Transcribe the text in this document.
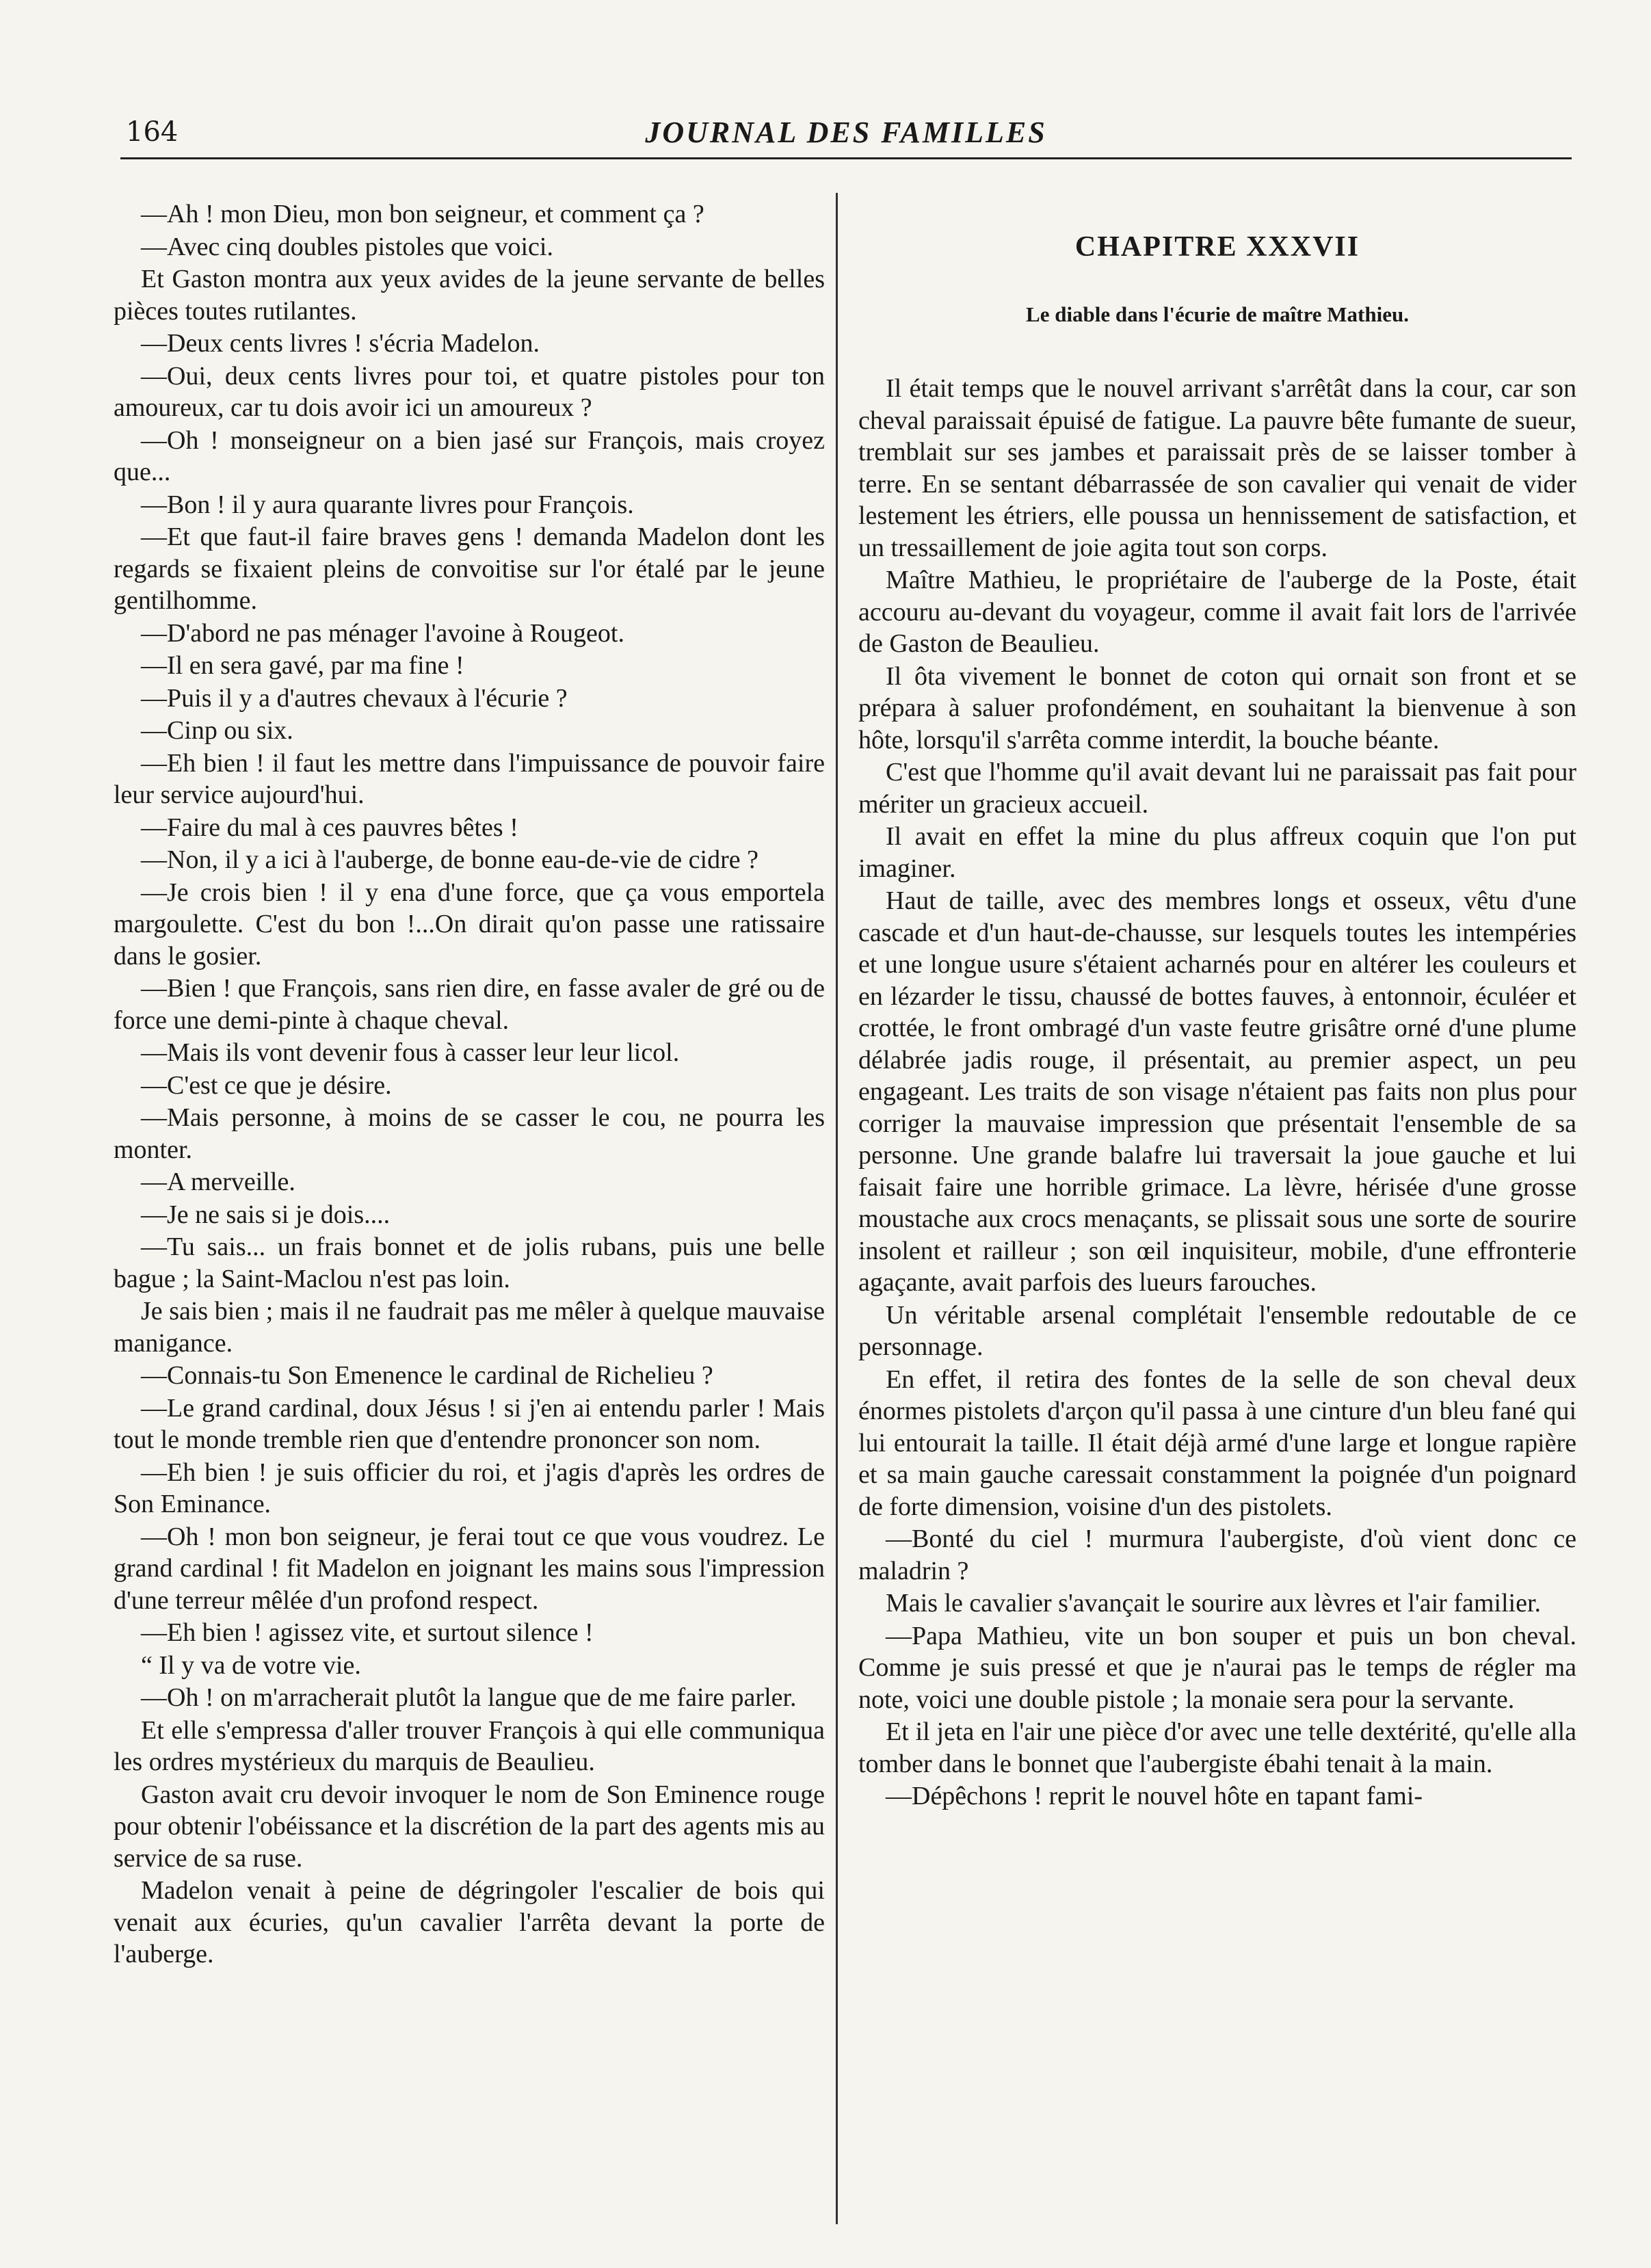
164	JOURNAL DES FAMILLES

—Ah ! mon Dieu, mon bon seigneur, et comment ça ?

—Avec cinq doubles pistoles que voici.

Et Gaston montra aux yeux avides de la jeune servante de belles pièces toutes rutilantes.

—Deux cents livres ! s'écria Madelon.

—Oui, deux cents livres pour toi, et quatre pistoles pour ton amoureux, car tu dois avoir ici un amoureux ?

—Oh ! monseigneur on a bien jasé sur François, mais croyez que...

—Bon ! il y aura quarante livres pour François.

—Et que faut-il faire braves gens ! demanda Madelon dont les regards se fixaient pleins de convoitise sur l'or étalé par le jeune gentilhomme.

—D'abord ne pas ménager l'avoine à Rougeot.

—Il en sera gavé, par ma fine !

—Puis il y a d'autres chevaux à l'écurie ?

—Cinp ou six.

—Eh bien ! il faut les mettre dans l'impuissance de pouvoir faire leur service aujourd'hui.

—Faire du mal à ces pauvres bêtes !

—Non, il y a ici à l'auberge, de bonne eau-de-vie de cidre ?

—Je crois bien ! il y ena d'une force, que ça vous emportela margoulette. C'est du bon !...On dirait qu'on passe une ratissaire dans le gosier.

—Bien ! que François, sans rien dire, en fasse avaler de gré ou de force une demi-pinte à chaque cheval.

—Mais ils vont devenir fous à casser leur leur licol.

—C'est ce que je désire.

—Mais personne, à moins de se casser le cou, ne pourra les monter.

—A merveille.

—Je ne sais si je dois....

—Tu sais... un frais bonnet et de jolis rubans, puis une belle bague ; la Saint-Maclou n'est pas loin.

Je sais bien ; mais il ne faudrait pas me mêler à quelque mauvaise manigance.

—Connais-tu Son Emenence le cardinal de Richelieu ?

—Le grand cardinal, doux Jésus ! si j'en ai entendu parler ! Mais tout le monde tremble rien que d'entendre prononcer son nom.

—Eh bien ! je suis officier du roi, et j'agis d'après les ordres de Son Eminance.

—Oh ! mon bon seigneur, je ferai tout ce que vous voudrez. Le grand cardinal ! fit Madelon en joignant les mains sous l'impression d'une terreur mêlée d'un profond respect.

—Eh bien ! agissez vite, et surtout silence !

“ Il y va de votre vie.

—Oh ! on m'arracherait plutôt la langue que de me faire parler.

Et elle s'empressa d'aller trouver François à qui elle communiqua les ordres mystérieux du marquis de Beaulieu.

Gaston avait cru devoir invoquer le nom de Son Eminence rouge pour obtenir l'obéissance et la discrétion de la part des agents mis au service de sa ruse.

Madelon venait à peine de dégringoler l'escalier de bois qui venait aux écuries, qu'un cavalier l'arrêta devant la porte de l'auberge.

CHAPITRE XXXVII
Le diable dans l'écurie de maître Mathieu.

Il était temps que le nouvel arrivant s'arrêtât dans la cour, car son cheval paraissait épuisé de fatigue. La pauvre bête fumante de sueur, tremblait sur ses jambes et paraissait près de se laisser tomber à terre. En se sentant débarrassée de son cavalier qui venait de vider lestement les étriers, elle poussa un hennissement de satisfaction, et un tressaillement de joie agita tout son corps.

Maître Mathieu, le propriétaire de l'auberge de la Poste, était accouru au-devant du voyageur, comme il avait fait lors de l'arrivée de Gaston de Beaulieu.

Il ôta vivement le bonnet de coton qui ornait son front et se prépara à saluer profondément, en souhaitant la bienvenue à son hôte, lorsqu'il s'arrêta comme interdit, la bouche béante.

C'est que l'homme qu'il avait devant lui ne paraissait pas fait pour mériter un gracieux accueil.

Il avait en effet la mine du plus affreux coquin que l'on put imaginer.

Haut de taille, avec des membres longs et osseux, vêtu d'une cascade et d'un haut-de-chausse, sur lesquels toutes les intempéries et une longue usure s'étaient acharnés pour en altérer les couleurs et en lézarder le tissu, chaussé de bottes fauves, à entonnoir, éculéer et crottée, le front ombragé d'un vaste feutre grisâtre orné d'une plume délabrée jadis rouge, il présentait, au premier aspect, un peu engageant. Les traits de son visage n'étaient pas faits non plus pour corriger la mauvaise impression que présentait l'ensemble de sa personne. Une grande balafre lui traversait la joue gauche et lui faisait faire une horrible grimace. La lèvre, hérisée d'une grosse moustache aux crocs menaçants, se plissait sous une sorte de sourire insolent et railleur ; son œil inquisiteur, mobile, d'une effronterie agaçante, avait parfois des lueurs farouches.

Un véritable arsenal complétait l'ensemble redoutable de ce personnage.

En effet, il retira des fontes de la selle de son cheval deux énormes pistolets d'arçon qu'il passa à une cinture d'un bleu fané qui lui entourait la taille. Il était déjà armé d'une large et longue rapière et sa main gauche caressait constamment la poignée d'un poignard de forte dimension, voisine d'un des pistolets.

—Bonté du ciel ! murmura l'aubergiste, d'où vient donc ce maladrin ?

Mais le cavalier s'avançait le sourire aux lèvres et l'air familier.

—Papa Mathieu, vite un bon souper et puis un bon cheval. Comme je suis pressé et que je n'aurai pas le temps de régler ma note, voici une double pistole ; la monaie sera pour la servante.

Et il jeta en l'air une pièce d'or avec une telle dextérité, qu'elle alla tomber dans le bonnet que l'aubergiste ébahi tenait à la main.

—Dépêchons ! reprit le nouvel hôte en tapant fami-
